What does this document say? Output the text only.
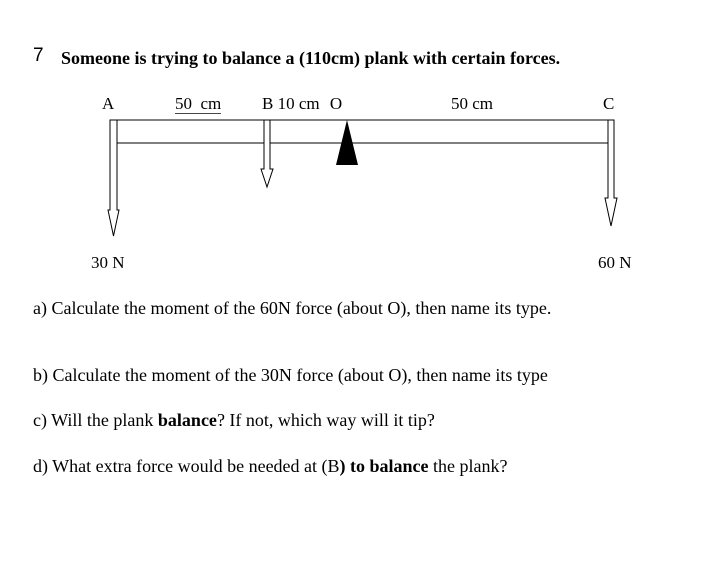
7 Someone is trying to balance a (110cm) plank with certain forces.
A	50  cm B 10 cm O	50 cm	C
30 N	60 N
a) Calculate the moment of the 60N force (about O), then name its type.
b) Calculate the moment of the 30N force (about O), then name its type
c) Will the plank balance? If not, which way will it tip?
d) What extra force would be needed at (B) to balance the plank?
